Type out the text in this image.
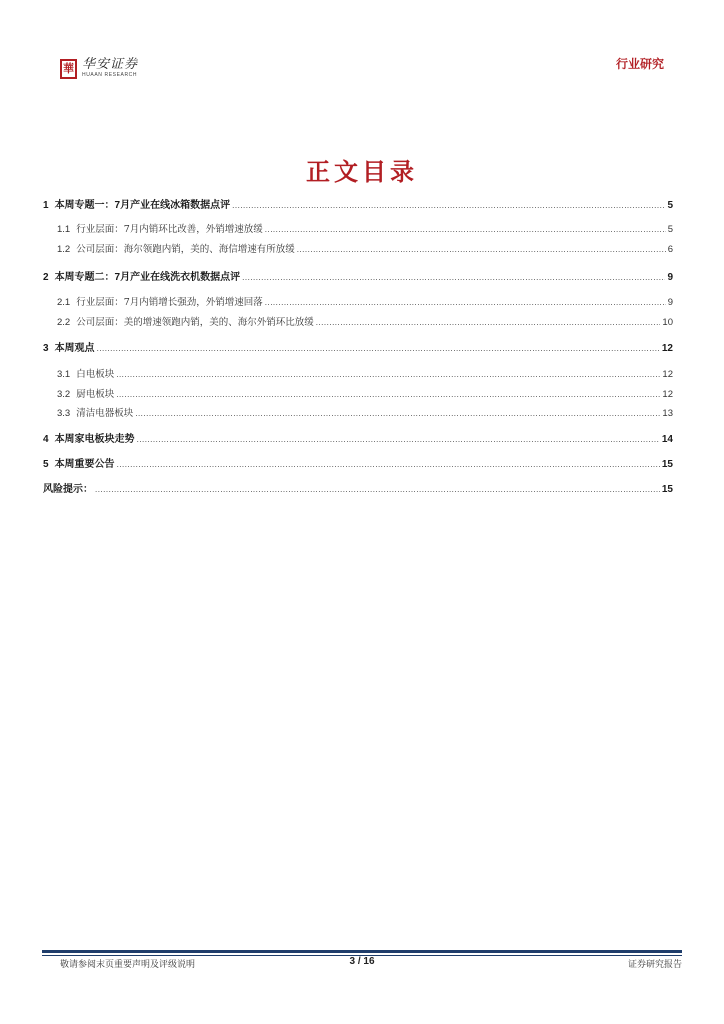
華 华安证券
HUAAN RESEARCH
行业研究
正文目录
1 本周专题一：7月产业在线冰箱数据点评 .....	5
1.1 行业层面：7月内销环比改善，外销增速放缓 .....	5
1.2 公司层面：海尔领跑内销，美的、海信增速有所放缓 .....	6
2 本周专题二：7月产业在线洗衣机数据点评 .....	9
2.1 行业层面：7月内销增长强劲，外销增速回落 .....	9
2.2 公司层面：美的增速领跑内销，美的、海尔外销环比放缓 .....	10
3 本周观点 .....	12
3.1 白电板块 .....	12
3.2 厨电板块 .....	12
3.3 清洁电器板块 .....	13
4 本周家电板块走势 .....	14
5 本周重要公告 .....	15
风险提示： .....	15
敬请参阅末页重要声明及评级说明	3 / 16	证券研究报告
